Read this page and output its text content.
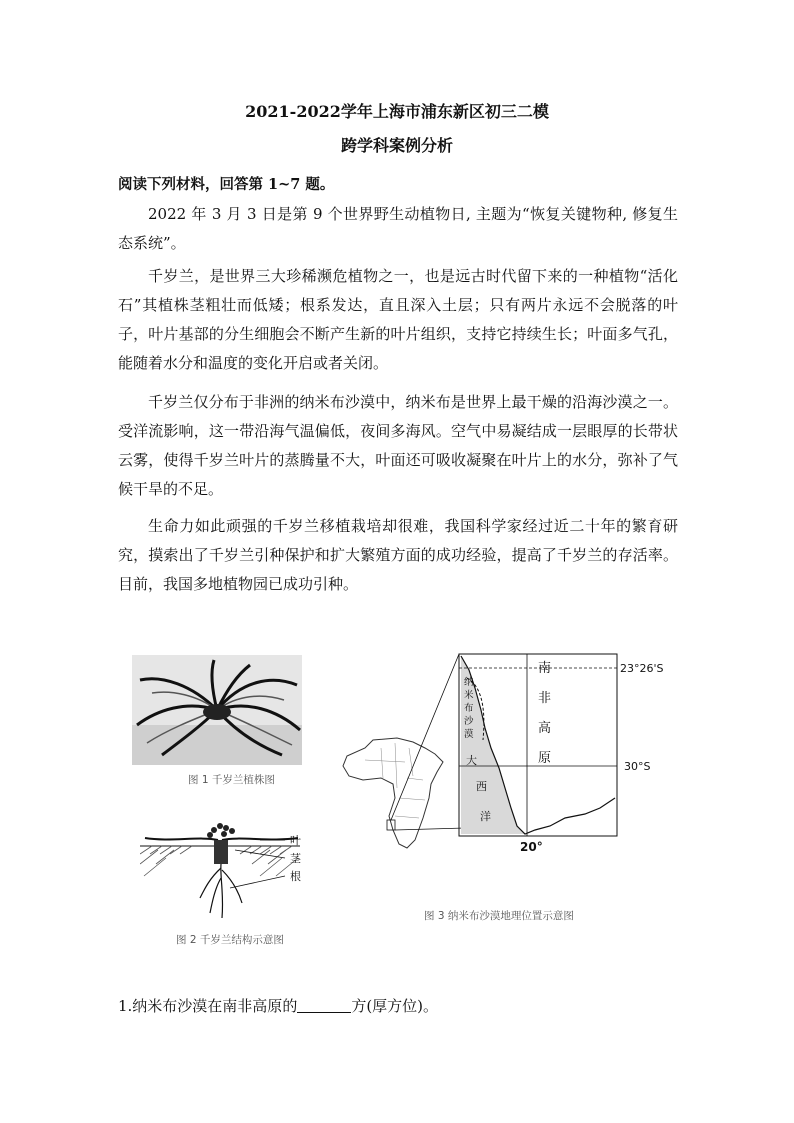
2021-2022学年上海市浦东新区初三二模
跨学科案例分析
阅读下列材料，回答第 1~7 题。
2022 年 3 月 3 日是第 9 个世界野生动植物日, 主题为“恢复关键物种, 修复生态系统”。
千岁兰，是世界三大珍稀濒危植物之一，也是远古时代留下来的一种植物“活化石”其植株茎粗壮而低矮；根系发达，直且深入土层；只有两片永远不会脱落的叶子，叶片基部的分生细胞会不断产生新的叶片组织，支持它持续生长；叶面多气孔，能随着水分和温度的变化开启或者关闭。
千岁兰仅分布于非洲的纳米布沙漠中，纳米布是世界上最干燥的沿海沙漠之一。受洋流影响，这一带沿海气温偏低，夜间多海风。空气中易凝结成一层眼厚的长带状云雾，使得千岁兰叶片的蒸腾量不大，叶面还可吸收凝聚在叶片上的水分，弥补了气候干旱的不足。
生命力如此顽强的千岁兰移植栽培却很难，我国科学家经过近二十年的繁育研究，摸索出了千岁兰引种保护和扩大繁殖方面的成功经验，提高了千岁兰的存活率。目前，我国多地植物园已成功引种。
图 1 千岁兰植株图
叶
茎
根
图 2 千岁兰结构示意图
南
非
高
原
纳
米
布
沙
漠
大
西
洋
23°26'S
30°S
20°
图 3 纳米布沙漠地理位置示意图
1.纳米布沙漠在南非高原的	方(厚方位)。
